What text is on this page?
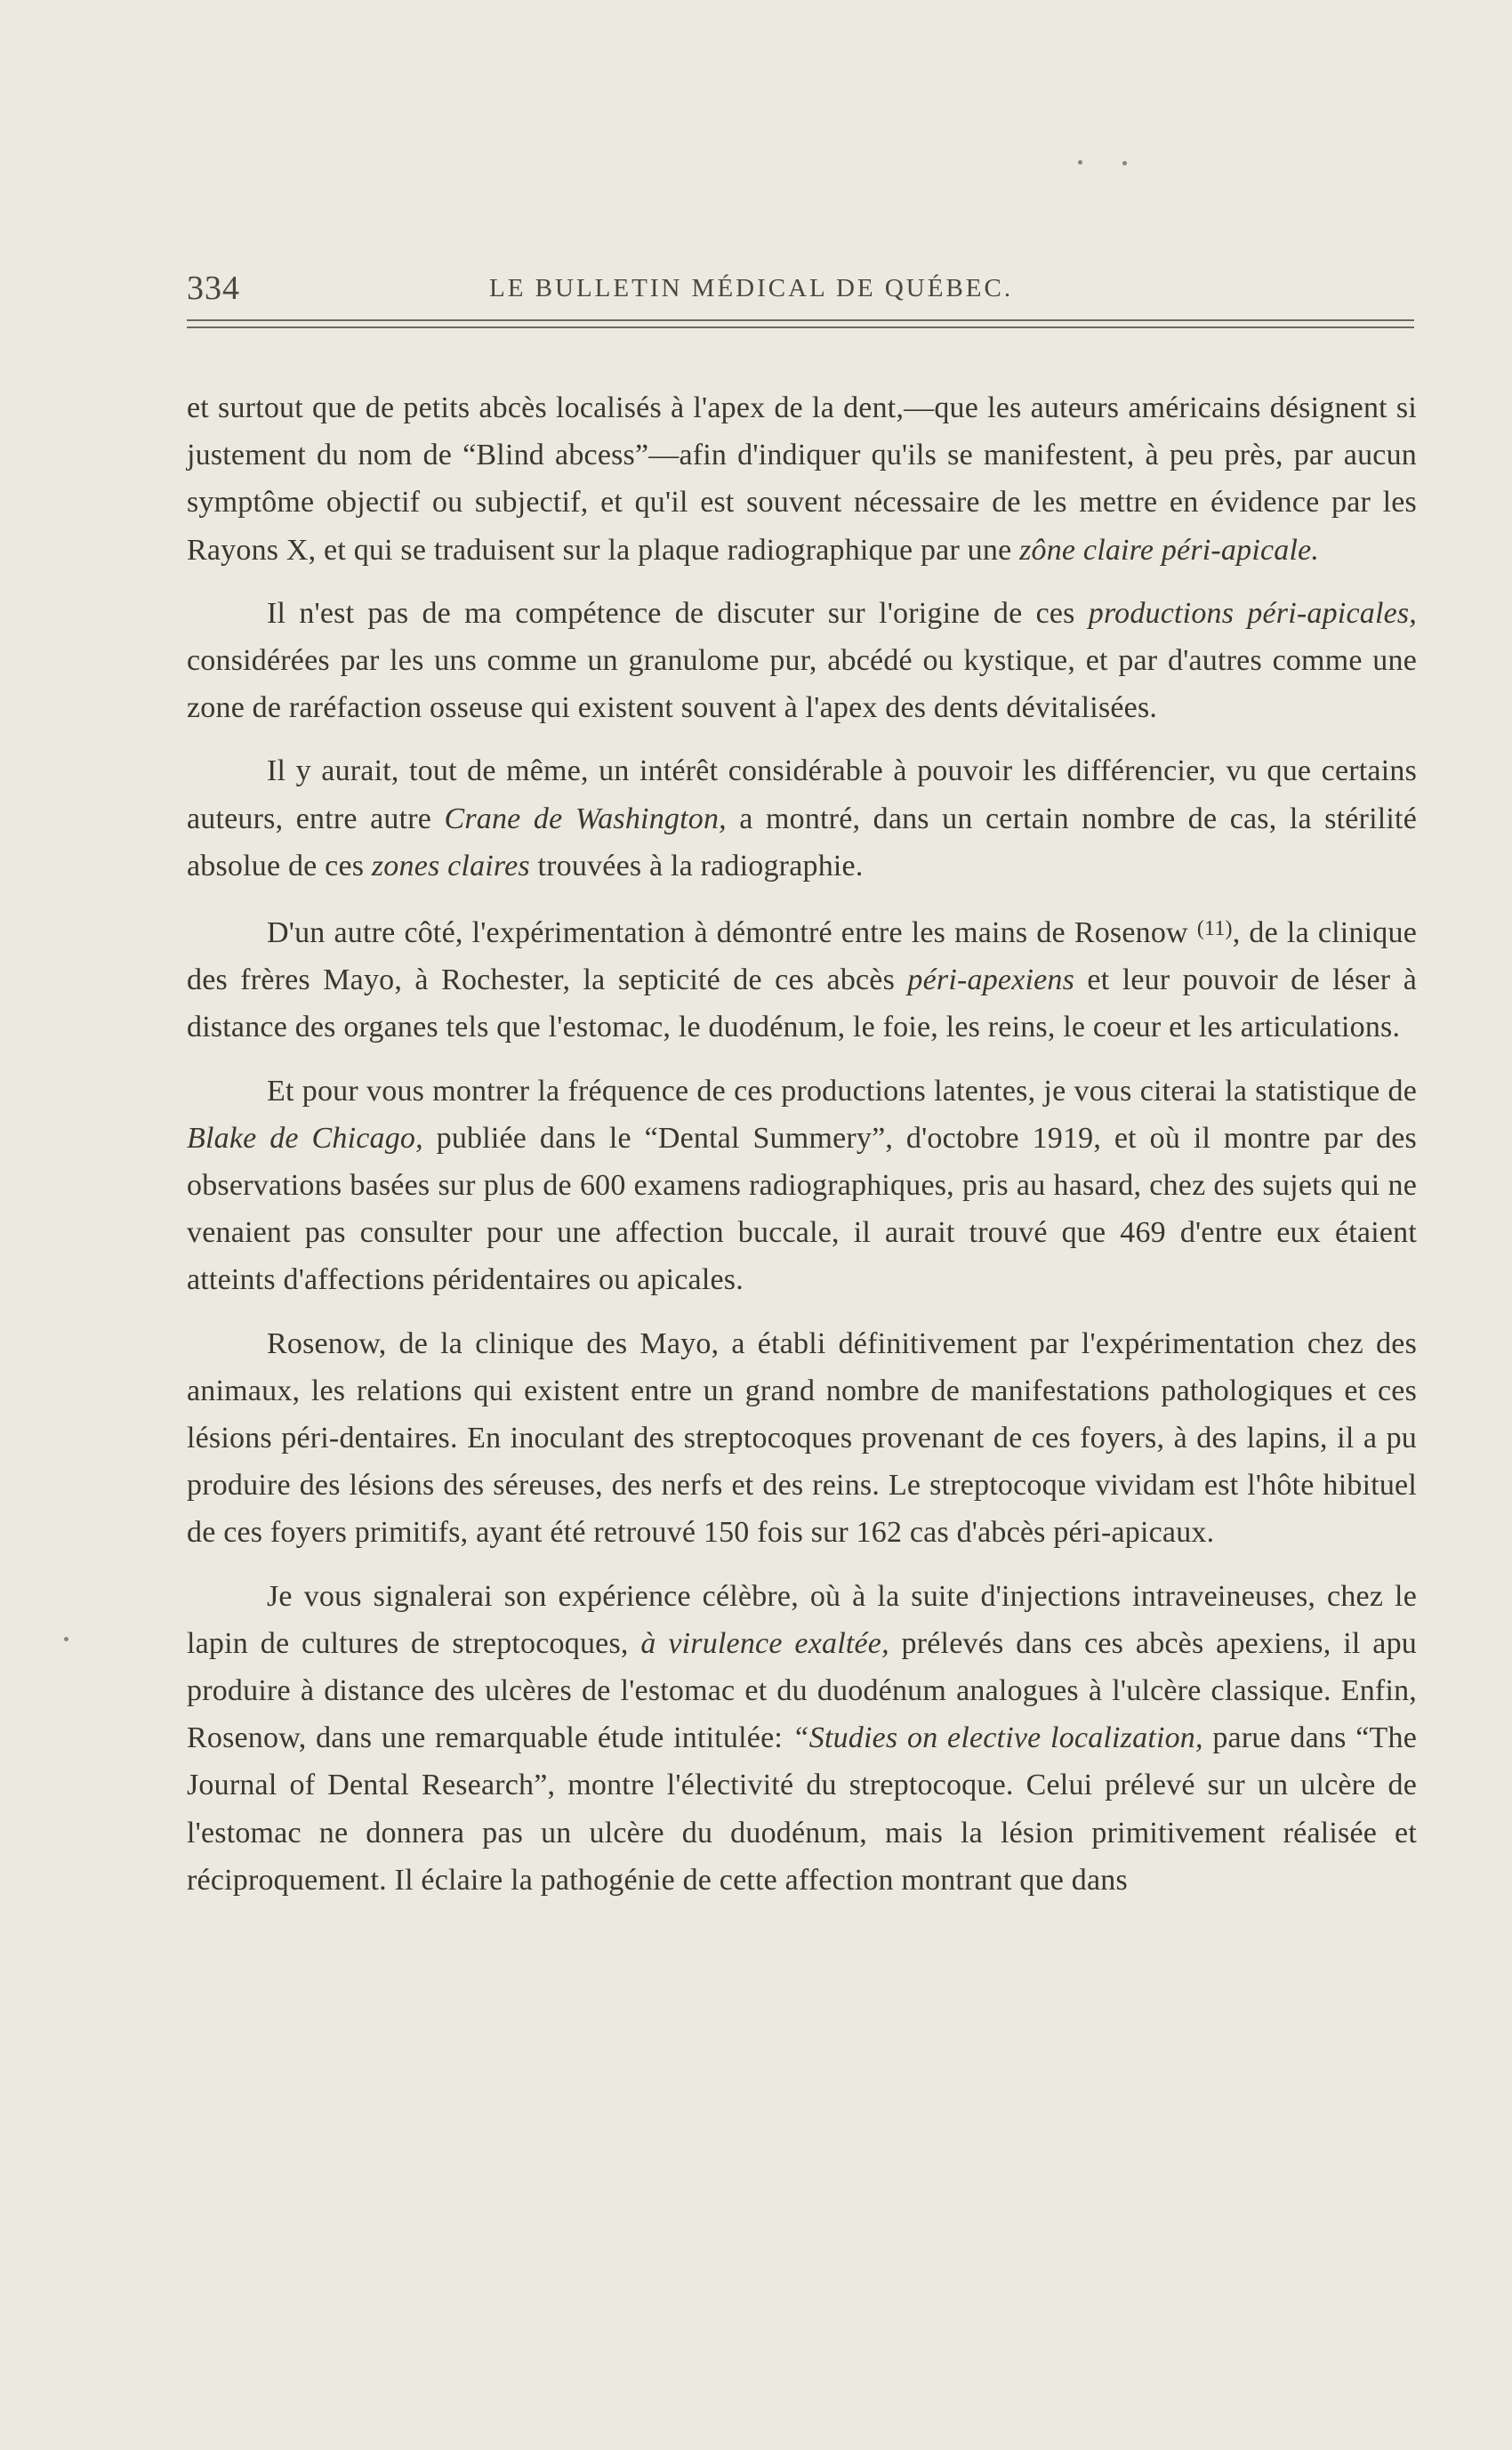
334	LE BULLETIN MÉDICAL DE QUÉBEC.

et surtout que de petits abcès localisés à l'apex de la dent,—que les auteurs américains désignent si justement du nom de “Blind abcess”—afin d'indiquer qu'ils se manifestent, à peu près, par aucun symptôme objectif ou subjectif, et qu'il est souvent nécessaire de les mettre en évidence par les Rayons X, et qui se traduisent sur la plaque radiographique par une zône claire péri-apicale.

Il n'est pas de ma compétence de discuter sur l'origine de ces productions péri-apicales, considérées par les uns comme un granulome pur, abcédé ou kystique, et par d'autres comme une zone de raréfaction osseuse qui existent souvent à l'apex des dents dévitalisées.

Il y aurait, tout de même, un intérêt considérable à pouvoir les différencier, vu que certains auteurs, entre autre Crane de Washington, a montré, dans un certain nombre de cas, la stérilité absolue de ces zones claires trouvées à la radiographie.

D'un autre côté, l'expérimentation à démontré entre les mains de Rosenow $^{(11)}$, de la clinique des frères Mayo, à Rochester, la septicité de ces abcès péri-apexiens et leur pouvoir de léser à distance des organes tels que l'estomac, le duodénum, le foie, les reins, le coeur et les articulations.

Et pour vous montrer la fréquence de ces productions latentes, je vous citerai la statistique de Blake de Chicago, publiée dans le “Dental Summery”, d'octobre 1919, et où il montre par des observations basées sur plus de 600 examens radiographiques, pris au hasard, chez des sujets qui ne venaient pas consulter pour une affection buccale, il aurait trouvé que 469 d'entre eux étaient atteints d'affections péridentaires ou apicales.

Rosenow, de la clinique des Mayo, a établi définitivement par l'expérimentation chez des animaux, les relations qui existent entre un grand nombre de manifestations pathologiques et ces lésions péri-dentaires. En inoculant des streptocoques provenant de ces foyers, à des lapins, il a pu produire des lésions des séreuses, des nerfs et des reins. Le streptocoque vividam est l'hôte hibituel de ces foyers primitifs, ayant été retrouvé 150 fois sur 162 cas d'abcès péri-apicaux.

Je vous signalerai son expérience célèbre, où à la suite d'injections intraveineuses, chez le lapin de cultures de streptocoques, à virulence exaltée, prélevés dans ces abcès apexiens, il apu produire à distance des ulcères de l'estomac et du duodénum analogues à l'ulcère classique. Enfin, Rosenow, dans une remarquable étude intitulée: “Studies on elective localization, parue dans “The Journal of Dental Research”, montre l'électivité du streptocoque. Celui prélevé sur un ulcère de l'estomac ne donnera pas un ulcère du duodénum, mais la lésion primitivement réalisée et réciproquement. Il éclaire la pathogénie de cette affection montrant que dans
